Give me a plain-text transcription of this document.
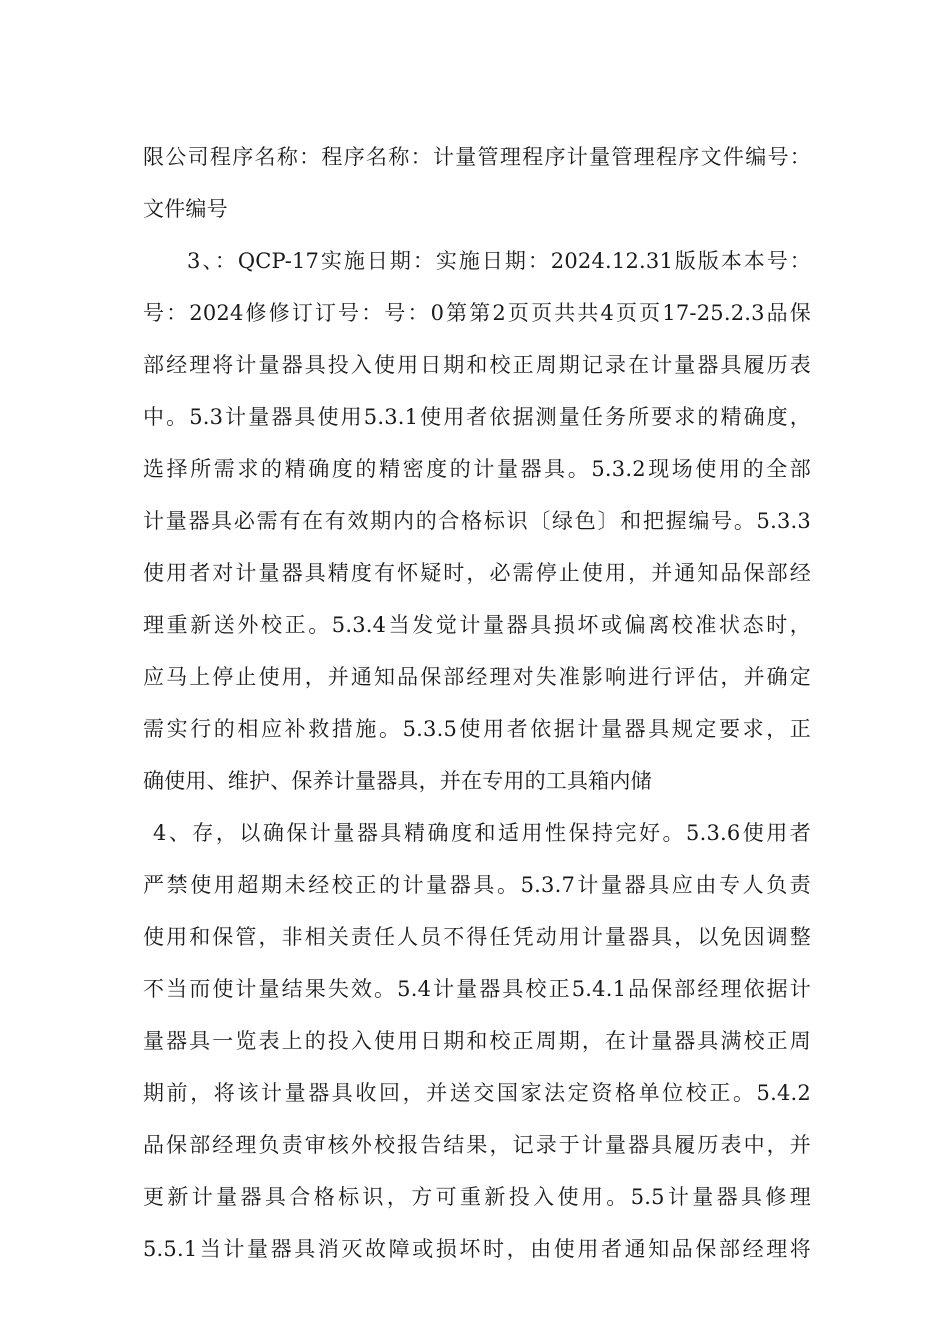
限公司程序名称：程序名称：计量管理程序计量管理程序文件编号：
文件编号
3、：QCP-17实施日期：实施日期：2024.12.31版版本本号：
号：2024修修订订号：号：0第第2页页共共4页页17-25.2.3品保
部经理将计量器具投入使用日期和校正周期记录在计量器具履历表
中。5.3计量器具使用5.3.1使用者依据测量任务所要求的精确度，
选择所需求的精确度的精密度的计量器具。5.3.2现场使用的全部
计量器具必需有在有效期内的合格标识〔绿色〕和把握编号。5.3.3
使用者对计量器具精度有怀疑时，必需停止使用，并通知品保部经
理重新送外校正。5.3.4当发觉计量器具损坏或偏离校准状态时，
应马上停止使用，并通知品保部经理对失准影响进行评估，并确定
需实行的相应补救措施。5.3.5使用者依据计量器具规定要求，正
确使用、维护、保养计量器具，并在专用的工具箱内储
4、存，以确保计量器具精确度和适用性保持完好。5.3.6使用者
严禁使用超期未经校正的计量器具。5.3.7计量器具应由专人负责
使用和保管，非相关责任人员不得任凭动用计量器具，以免因调整
不当而使计量结果失效。5.4计量器具校正5.4.1品保部经理依据计
量器具一览表上的投入使用日期和校正周期，在计量器具满校正周
期前，将该计量器具收回，并送交国家法定资格单位校正。5.4.2
品保部经理负责审核外校报告结果，记录于计量器具履历表中，并
更新计量器具合格标识，方可重新投入使用。5.5计量器具修理
5.5.1当计量器具消灭故障或损坏时，由使用者通知品保部经理将
